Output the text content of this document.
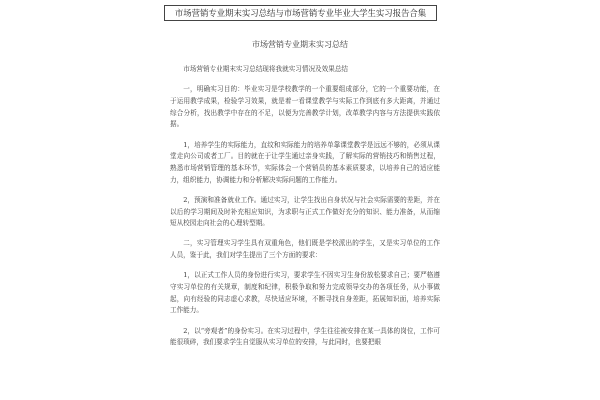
市场营销专业期末实习总结与市场营销专业毕业大学生实习报告合集
市场营销专业期末实习总结

市场营销专业期末实习总结现将我就实习情况及效果总结

一，明确实习目的：毕业实习是学校教学的一个重要组成部分，它的一个重要功能，在于运用教学成果，检验学习效果，就是着一看课堂教学与实际工作到底有多大距离，并通过综合分析，找出教学中存在的不足，以便为完善教学计划，改革教学内容与方法提供实践依据。

1，培养学生的实际能力，直纹和实际能力的培养单靠课堂教学是远远不够的，必须从课堂走向公司或者工厂。目的就在于让学生通过亲身实践，了解实际的营销技巧和销售过程，熟悉市场营销管理的基本环节，实际体会一个营销员的基本素质要求，以培养自己的适应能力，组织能力，协调能力和分析解决实际问题的工作能力。

2，预演和准备就业工作。通过实习，让学生找出自身状况与社会实际需要的差距，并在以后的学习期间及时补充相应知识，为求职与正式工作做好充分的知识、能力准备，从而缩短从校园走向社会的心理转型期。

二，实习管理实习学生具有双重角色，他们既是学校派出的学生，又是实习单位的工作人员，鉴于此，我们对学生提出了三个方面的要求：

1，以正式工作人员的身份进行实习，要求学生不因实习生身份放松要求自己；要严格遵守实习单位的有关规章，制度和纪律，积极争取和努力完成领导交办的各项任务，从小事做起，向有经验的同志虚心求教，尽快适应环境，不断寻找自身差距，拓展知识面，培养实际工作能力。

2，以“旁观者”的身份实习。在实习过程中，学生往往被安排在某一具体的岗位，工作可能很琐碎，我们要求学生自觉服从实习单位的安排，与此同时，也要把眼
